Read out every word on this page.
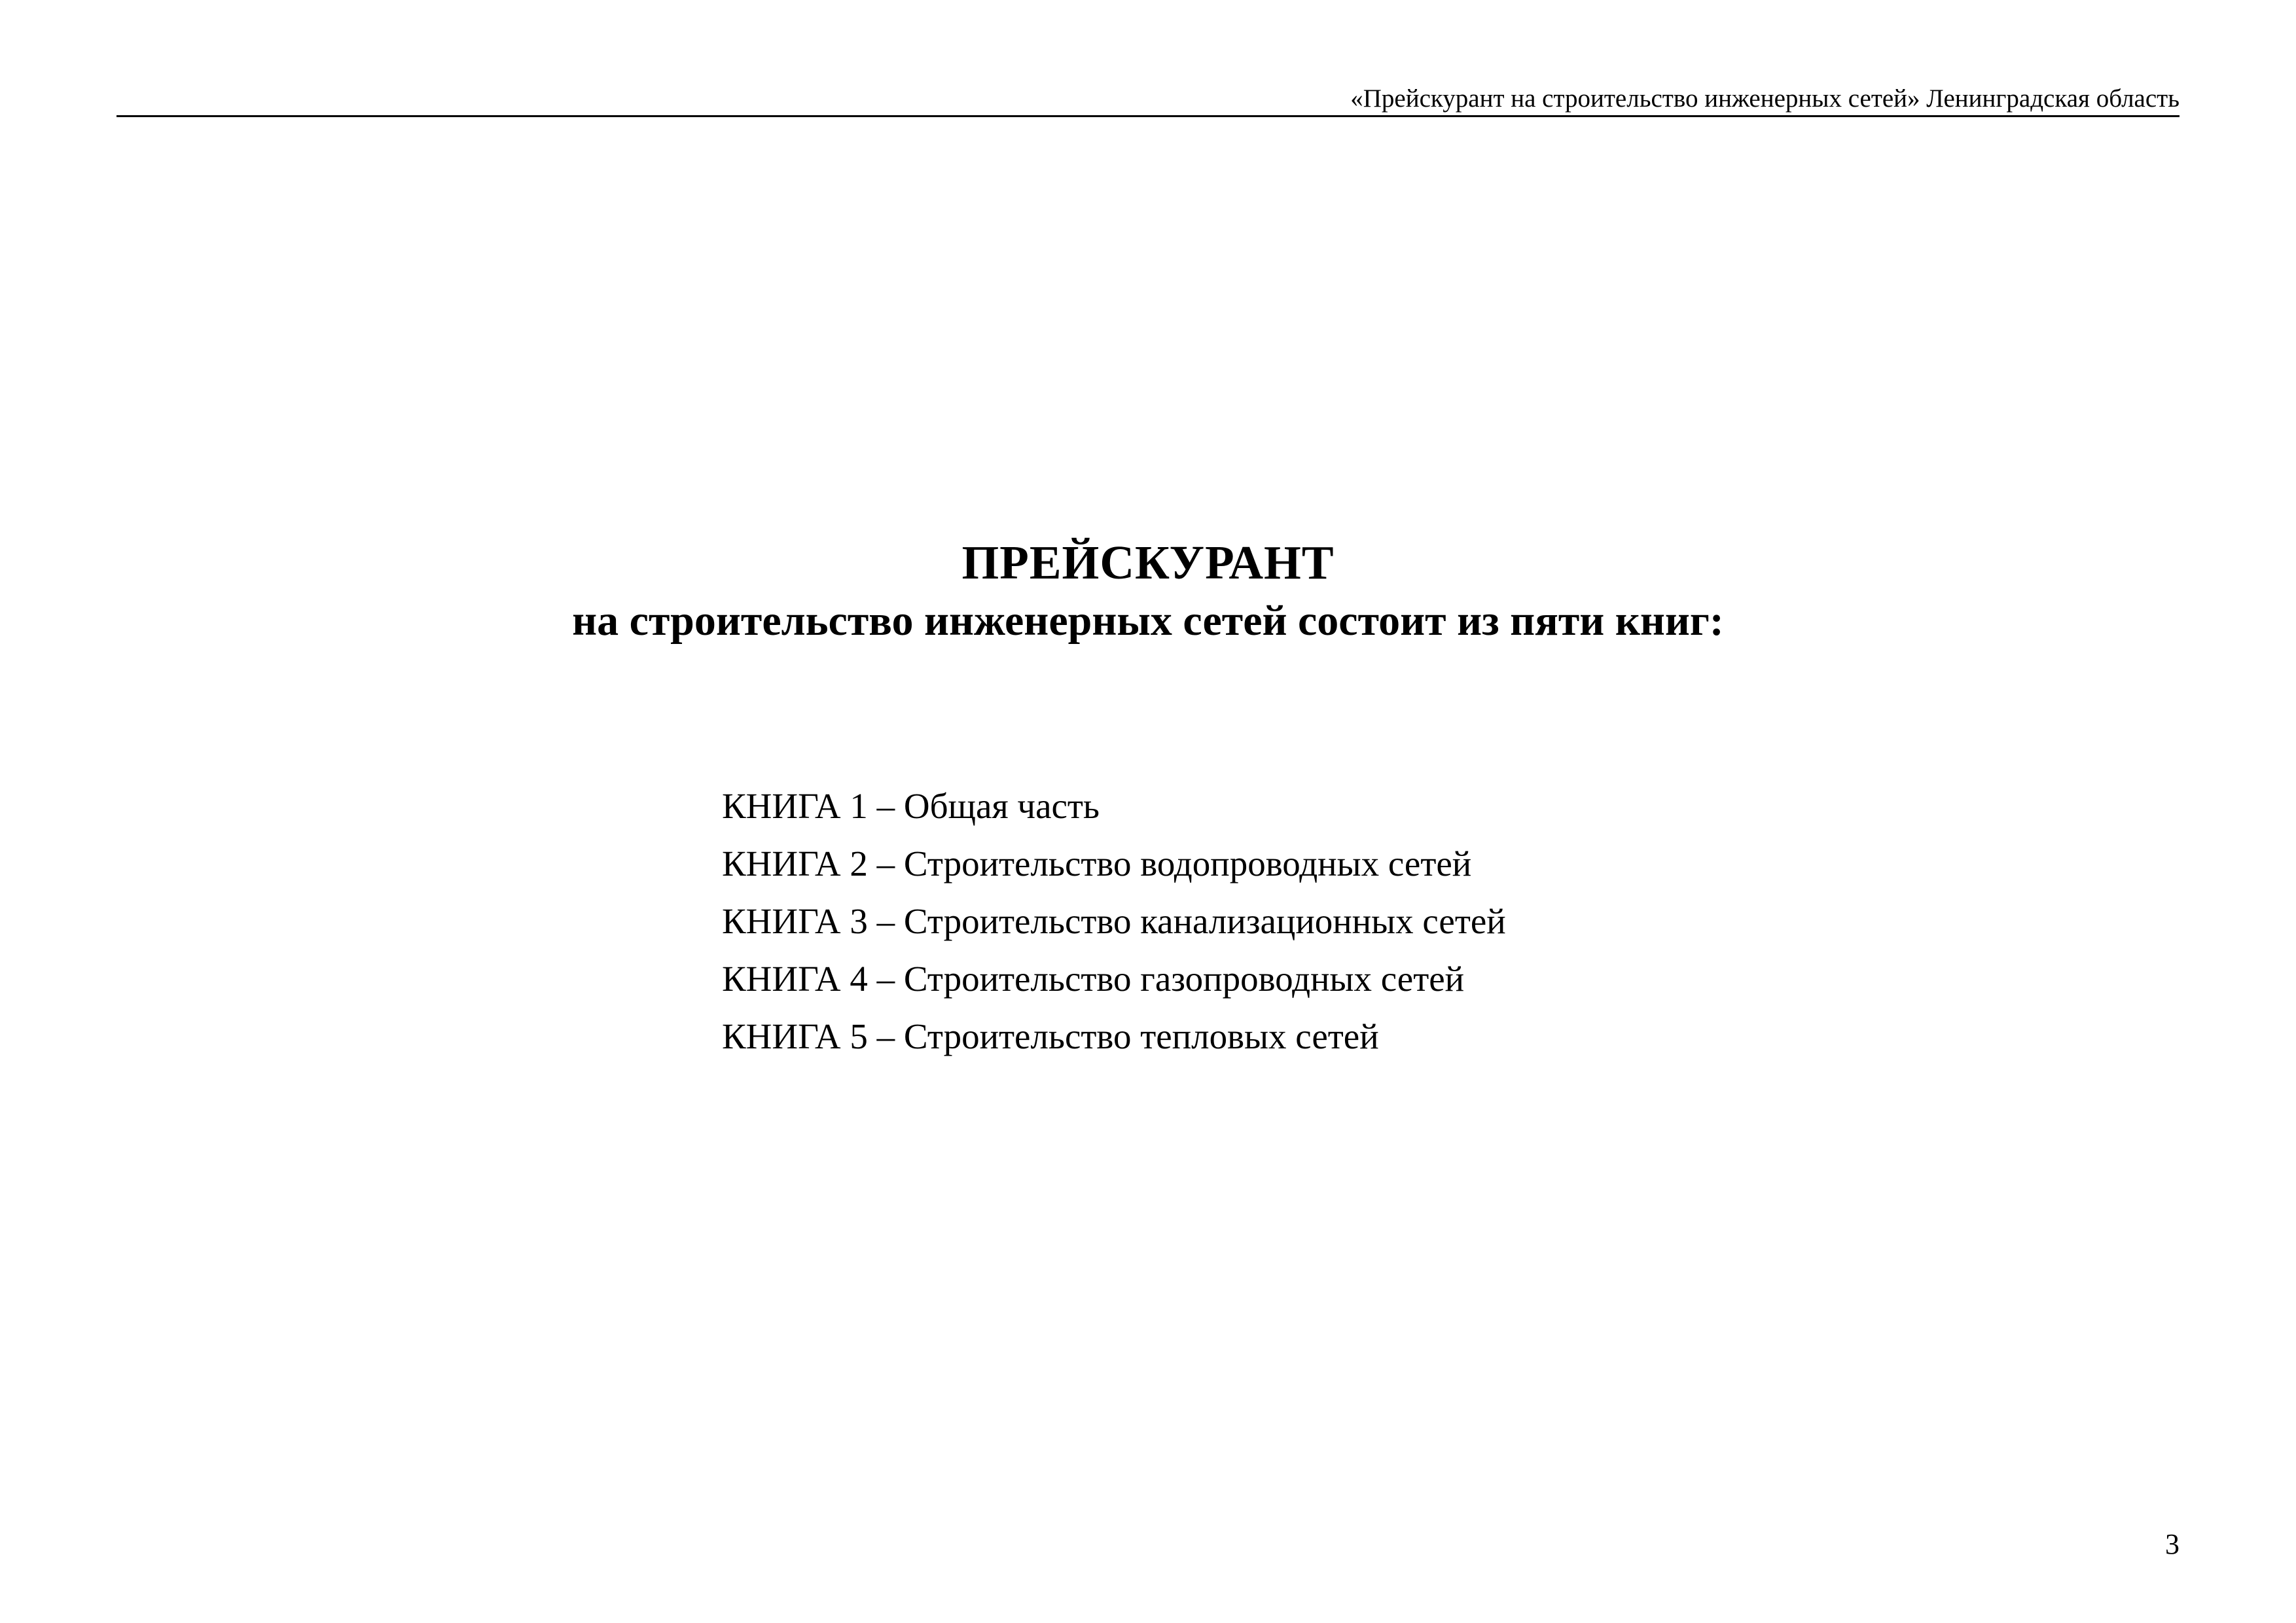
«Прейскурант на строительство инженерных сетей» Ленинградская область
ПРЕЙСКУРАНТ
на строительство инженерных сетей состоит из пяти книг:
КНИГА 1 – Общая часть
КНИГА 2 – Строительство водопроводных сетей
КНИГА 3 – Строительство канализационных сетей
КНИГА 4 – Строительство газопроводных сетей
КНИГА 5 – Строительство тепловых сетей
3
